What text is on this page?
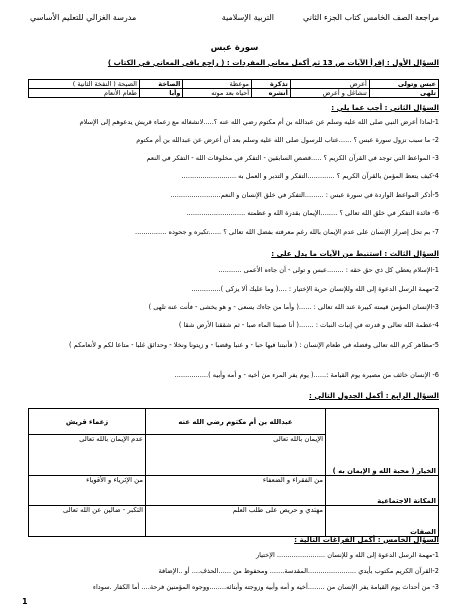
مراجعة الصف الخامس كتاب الجزء الثاني
التربية الإسلامية
مدرسة الغزالي للتعليم الأساسي
سورة عبس
السؤال الأول : إقرأ الآيات ص 13 ثم أكمل معاني المفردات : ( راجع باقي المعاني في الكتاب )
عبس وتولى	أعرض	تذكرة	موعظة	الصاخة	الصيحة ( النفخة الثانية )
تلهى	تنشاغل و أعرض	أنشره	أحياه بعد موته	وأبا	طعام الأنعام
السؤال الثاني : أجب عما يلي :
1-لماذا أعرض النبي صلى الله عليه وسلم عن عبدالله بن أم مكتوم رضي الله عنه ؟.....لانشغاله مع زعماء قريش يدعوهم إلى الإسلام
2- ما سبب نزول سورة عبس ؟ ......عتاب للرسول صلى الله عليه وسلم بعد أن أعرض عن عبدالله بن أم مكتوم
3- المواعظ التي توجد في القرآن الكريم ؟ .....قصص السابقين - التفكر في مخلوقات الله - التفكر في النعم
4-كيف يتعظ المؤمن بالقرآن الكريم ؟ .............التفكر و التدبر و العمل به ..........................
5-أذكر المواعظ الواردة في سورة عبس : .........التفكر في خلق الإنسان و النعم........................
6- فائدة التفكر في خلق الله تعالى ؟ ........الإيمان بقدرة الله و عظمته ............................
7- بم تحل إصرار الإنسان على عدم الإيمان بالله رغم معرفته بفضل الله تعالى ؟ ......تكبره و جحوده ...............
السؤال الثالث : استنبط من الآيات ما يدل على :
1-الإسلام يعطي كل ذي حق حقه : ........عبس و تولى - أن جاءه الأعمى ...........
2-مهمة الرسل الدعوة إلى الله وللإنسان حرية الإختيار : ....( وما عليك ألا يزكى )..............
3-الإنسان المؤمن قيمته كبيرة عند الله تعالى : ......( وأما من جاءك يسعى - و هو يخشى - فأنت عنه تلهى )
4-عظمة الله تعالى و قدرته في إنبات النبات : .......( أنا صببنا الماء صبا - ثم شققنا الأرض شقا )
5-مظاهر كرم الله تعالى وفضله في طعام الإنسان : ( فأنبتنا فيها حبا - و عنبا وقضبا - و زيتونا ونخلا - وحدائق غلبا - متاعا لكم و لأنعامكم )
6- الإنسان خائف من مصيره يوم القيامة :......( يوم يفر المرء من أخيه - و أمه وأبيه )................
السؤال الرابع : أكمل الجدول التالي :
	عبدالله بن أم مكتوم رضي الله عنه	زعماء قريش
الخيار ( محبة الله و الإيمان به )	الإيمان بالله تعالى	عدم الإيمان بالله تعالى
المكانة الاجتماعية	من الفقراء و الضعفاء	من الإثرياء و الأقوياء
الصفات	مهتدي و حريص على طلب العلم	التكبر - ضالين عن الله تعالى
السؤال الخامس : أكمل الفراغات التالية :
1-مهمة الرسل الدعوة إلى الله و للإنسان ....................... الإختيار
2-القرآن الكريم مكتوب بأيدي .......................المقدسة....... ومحفوظ من ......الحذف.... أو ..الإضافة
3- من أحداث يوم القيامة يفر الإنسان من ........أخيه و أمه وأبيه وزوجته وأبنائه........ووجوه المؤمنين فرحة.... أما الكفار .سوداء
1
